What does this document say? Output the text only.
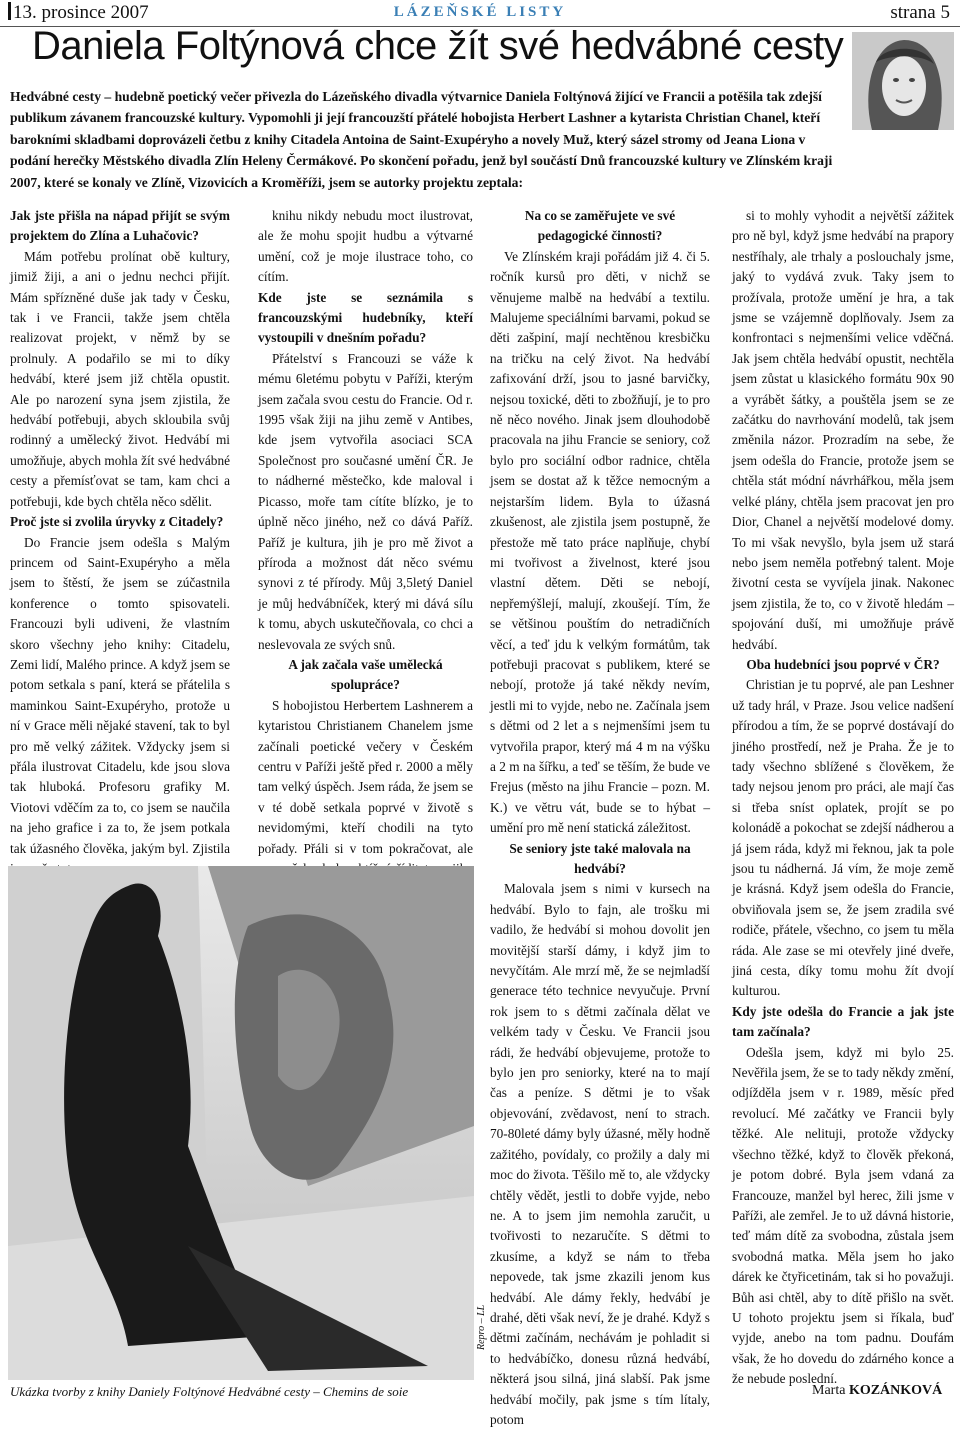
13. prosince 2007	LÁZEŇSKÉ LISTY	strana 5
Daniela Foltýnová chce žít své hedvábné cesty
Hedvábné cesty – hudebně poetický večer přivezla do Lázeňského divadla výtvarnice Daniela Foltýnová žijící ve Francii a potěšila tak zdejší publikum závanem francouzské kultury. Vypomohli ji její francouzští přátelé hobojista Herbert Lashner a kytarista Christian Chanel, kteří barokními skladbami doprovázeli četbu z knihy Citadela Antoina de Saint-Exupéryho a novely Muž, který sázel stromy od Jeana Liona v podání herečky Městského divadla Zlín Heleny Čermákové. Po skončení pořadu, jenž byl součástí Dnů francouzské kultury ve Zlínském kraji 2007, které se konaly ve Zlíně, Vizovicích a Kroměříži, jsem se autorky projektu zeptala:

Jak jste přišla na nápad přijít se svým projektem do Zlína a Luhačovic?

Mám potřebu prolínat obě kultury, jimiž žiji, a ani o jednu nechci přijít. Mám spřízněné duše jak tady v Česku, tak i ve Francii, takže jsem chtěla realizovat projekt, v němž by se prolnuly. A podařilo se mi to díky hedvábí, které jsem již chtěla opustit. Ale po narození syna jsem zjistila, že hedvábí potřebuji, abych skloubila svůj rodinný a umělecký život. Hedvábí mi umožňuje, abych mohla žít své hedvábné cesty a přemísťovat se tam, kam chci a potřebuji, kde bych chtěla něco sdělit.

Proč jste si zvolila úryvky z Citadely?

Do Francie jsem odešla s Malým princem od Saint-Exupéryho a měla jsem to štěstí, že jsem se zúčastnila konference o tomto spisovateli. Francouzi byli udiveni, že vlastním skoro všechny jeho knihy: Citadelu, Zemi lidí, Malého prince. A když jsem se potom setkala s paní, která se přátelila s maminkou Saint-Exupéryho, protože u ní v Grace měli nějaké stavení, tak to byl pro mě velký zážitek. Vždycky jsem si přála ilustrovat Citadelu, kde jsou slova tak hluboká. Profesoru grafiky M. Viotovi vděčím za to, co jsem se naučila na jeho grafice i za to, že jsem potkala tak úžasného člověka, jakým byl. Zjistila

knihu nikdy nebudu moct ilustrovat, ale že mohu spojit hudbu a výtvarné umění, což je moje ilustrace toho, co cítím.

Kde jste se seznámila s francouzskými hudebníky, kteří vystoupili v dnešním pořadu?

Přátelství s Francouzi se váže k mému 6letému pobytu v Paříži, kterým jsem začala svou cestu do Francie. Od r. 1995 však žiji na jihu země v Antibes, kde jsem vytvořila asociaci SCA Společnost pro současné umění ČR. Je to nádherné městečko, kde maloval i Picasso, moře tam cítíte blízko, je to úplně něco jiného, než co dává Paříž. Paříž je kultura, jih je pro mě život a příroda a možnost dát něco svému synovi z té přírody. Můj 3,5letý Daniel je můj hedvábníček, který mi dává sílu k tomu, abych uskutečňovala, co chci a neslevovala ze svých snů.

A jak začala vaše umělecká spolupráce?

S hobojistou Herbertem Lashnerem a kytaristou Christianem Chanelem jsme začínali poetické večery v Českém centru v Paříži ještě před r. 2000 a měly tam velký úspěch. Jsem ráda, že jsem se v té době setkala poprvé v životě s nevidomými, kteří chodili na tyto pořady. Přáli si v tom pokračovat, ale

Na co se zaměřujete ve své pedagogické činnosti?

Ve Zlínském kraji pořádám již 4. či 5. ročník kursů pro děti, v nichž se věnujeme malbě na hedvábí a textilu. Malujeme speciálními barvami, pokud se děti zašpiní, mají nechtěnou kresbičku na tričku na celý život. Na hedvábí zafixování drží, jsou to jasné barvičky, nejsou toxické, děti to zbožňují, je to pro ně něco nového. Jinak jsem dlouhodobě pracovala na jihu Francie se seniory, což bylo pro sociální odbor radnice, chtěla jsem se dostat až k těžce nemocným a nejstarším lidem. Byla to úžasná zkušenost, ale zjistila jsem postupně, že přestože mě tato práce naplňuje, chybí mi tvořivost a živelnost, které jsou vlastní dětem. Děti se nebojí, nepřemýšlejí, malují, zkoušejí. Tím, že se většinou pouštím do netradičních věcí, a teď jdu k velkým formátům, tak potřebuji pracovat s publikem, které se nebojí, protože já také někdy nevím, jestli mi to vyjde, nebo ne. Začínala jsem s dětmi od 2 let a s nejmenšími jsem tu vytvořila prapor, který má 4 m na výšku a 2 m na šířku, a teď se těším, že bude ve Frejus (město na jihu Francie – pozn. M. K.) ve větru vát, bude se to hýbat – umění pro mě není statická záležitost.

Se seniory jste také malovala na hedvábí?

Malovala jsem s nimi v kursech na hedvábí. Bylo to fajn, ale trošku mi vadilo, že hedvábí si mohou dovolit jen movitější starší dámy, i když jim to nevyčítám. Ale mrzí mě, že se nejmladší generace této technice nevyučuje. První rok jsem to s dětmi začínala dělat ve velkém tady v Česku. Ve Francii jsou rádi, že hedvábí objevujeme, protože to bylo jen pro seniorky, které na to mají čas a peníze. S dětmi je to však objevování, zvědavost, není to strach. 70-80leté dámy byly úžasné, měly hodně zažitého, povídaly, co prožily a daly mi moc do života. Těšilo mě to, ale vždycky chtěly vědět, jestli to dobře vyjde, nebo ne. A to jsem jim nemohla zaručit, u tvořivosti to nezaručíte. S dětmi to zkusíme, a když se nám to třeba nepovede, tak jsme zkazili jenom kus hedvábí. Ale dámy řekly, hedvábí je drahé, děti však neví, že je drahé. Když s dětmi začínám, nechávám je pohladit si to hedvábíčko, donesu různá hedvábí, některá jsou silná, jiná slabší. Pak jsme hedvábí močily, pak jsme s tím lítaly, potom

si to mohly vyhodit a největší zážitek pro ně byl, když jsme hedvábí na prapory nestříhaly, ale trhaly a poslouchaly jsme, jaký to vydává zvuk. Taky jsem to prožívala, protože umění je hra, a tak jsme se vzájemně doplňovaly. Jsem za konfrontaci s nejmenšími velice vděčná. Jak jsem chtěla hedvábí opustit, nechtěla jsem zůstat u klasického formátu 90x 90 a vyrábět šátky, a pouštěla jsem se ze začátku do navrhování modelů, tak jsem změnila názor. Prozradím na sebe, že jsem odešla do Francie, protože jsem se chtěla stát módní návrhářkou, měla jsem velké plány, chtěla jsem pracovat jen pro Dior, Chanel a největší modelové domy. To mi však nevyšlo, byla jsem už stará nebo jsem neměla potřebný talent. Moje životní cesta se vyvíjela jinak. Nakonec jsem zjistila, že to, co v životě hledám – spojování duší, mi umožňuje právě hedvábí.

Oba hudebníci jsou poprvé v ČR?

Christian je tu poprvé, ale pan Leshner už tady hrál, v Praze. Jsou velice nadšení přírodou a tím, že se poprvé dostávají do jiného prostředí, než je Praha. Že je to tady všechno sblížené s člověkem, že tady nejsou jenom pro práci, ale mají čas si třeba sníst oplatek, projít se po kolonádě a pokochat se zdejší nádherou a já jsem ráda, když mi řeknou, jak ta pole jsou tu nádherná. Já vím, že moje země je krásná. Když jsem odešla do Francie, obviňovala jsem se, že jsem zradila své rodiče, přátele, všechno, co jsem tu měla ráda. Ale zase se mi otevřely jiné dveře, jiná cesta, díky tomu mohu žít dvojí kulturou.

Kdy jste odešla do Francie a jak jste tam začínala?

Odešla jsem, když mi bylo 25. Nevěřila jsem, že se to tady někdy změní, odjížděla jsem v r. 1989, měsíc před revolucí. Mé začátky ve Francii byly těžké. Ale nelituji, protože vždycky všechno těžké, když to člověk překoná, je potom dobré. Byla jsem vdaná za Francouze, manžel byl herec, žili jsme v Paříži, ale zemřel. Je to už dávná historie, teď mám dítě za svobodna, zůstala jsem svobodná matka. Měla jsem ho jako dárek ke čtyřicetinám, tak si ho považuji. Bůh asi chtěl, aby to dítě přišlo na svět. U tohoto projektu jsem si říkala, buď vyjde, anebo na tom padnu. Doufám však, že ho dovedu do zdárného konce a že nebude poslední.

Repro – LL
Ukázka tvorby z knihy Daniely Foltýnové Hedvábné cesty – Chemins de soie	Marta KOZÁNKOVÁ
